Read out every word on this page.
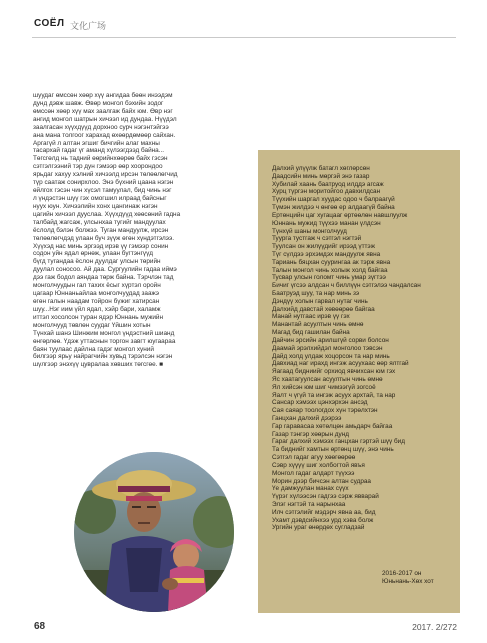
СОЁЛ 文化广场
шуудаг өмссөн хөөр хүү ангидаа бөөн инээдэм
дунд дэвж шавж. Өвөр монгол бэхийн зодог
өмссөн хөөр хүү мах заалгаж байх юм. Өвр нэг
ангид монгол шатрын хичээл ид дундаа. Нүүдэл
заалгасан хүүхдүүд дорхноо сурч нэгэнтэйгээ
ана мана толгоог харахад өхөөрдөмөөр сайхан.
Аргагүй л алтан эгшиг бичгийн алаг махны
тасархай гадаг үг аманд хүлээгдээд байна...
Төгсгөлд нь тадний өөрийнхөөрөө байх гэсэн
сэтгэлгээний тэр дун гэмээр өөр хоорондоо
ярьдаг хахуу хэлний хичээлд ирсэн төлөөлөгчид
түр саатаж сонирхлоо. Энэ бүхний цаана нэгэн
өйлгох гэсэн чин хүсэл тамуулал, бид чинь нэг
л үндэстэн шүү гэх омогшил илраад байсныг
нуух юун. Хичээлийн хонх цангинаж нэгэн
цагийн хичээл дууслаа. Хүүхдүүд хөөсөний гадна
талбайд жагсаж, улсынхаа тугийг мандуулах
ёслолд бэлэн болжээ. Туган мандуулж, ирсэн
төлөөлөгчдэд улаан буч зүүж өгөн хүндэтгэлээ.
Хүүхэд нас минь эргээд ирэв үү гэмээр сонин
содон уйн ядал өрнөж, улаан бугтэнгүүд
бүгд тугандаа ёслон дуулдаг улсын төрийн
дуулал соносоо. Ай даа. Сургуулийн гадаа иймэ
дээ гаж бодол аяндаа төрж байна. Тэрчлэн тад
монголчуудын гал тахих ёсыг хүртэл оройн
цагаар Юннаньайлаа монголчуудад заажэ
өгөн галын наадам тойрон бүжиг хатирсан
шуу...Нэг иим үйл ядал, хэйр бари, халамж
иттэл хосолсон туран ядэр Юннань мужийн
монголчууд төвлөн суудаг Үйшин хотын
Түнхай шанэ Шинжим монгол үндэстний шианд
өнгөрлөө. Үдэж уттаснын торгон завгт юугаараа
баян туулаас дайлна гадэг монгол хуний
билгээр ярьу найрагчийн хувьд тэрэлсэн нэгэн
шүлгээр энэхүү цувралаа хөвших төгсгөе. ■
Далхий улүүлж батагл хөглөрсөн
Даадсийн минь мөргэй энэ газар
Хубилай хаань баатруод илддэ агсаж
Хурц түргэн моритойгоо давхилдсан
Түүхийн шаргал хуудас одоо ч балраагүй
Түмэн жилдээ ч өнгөө ер алдаагүй байна
Ертөнцийн цаг хугацааг өртөөлөн навшлуулж
Юннань мужид түүхээ манан үлдсэн
Түнхүй шаны монголчууд
Туурга тустгаж ч сэтгэл нэгтэй
Туулсан он жилүүдийг ирээд үттэж
Түг сүлдээ эрхэмдэх мандуулж явна
Тариань бяцхан суурингаа ак тэрж явна
Талын монгол чинь холыж холд байгаа
Тусвар улсын голомт чинь умар зүгтээ
Бичиг үгсээ алдсан ч биллүүн сэтгэлээ чандалсан
Баатруэд шуу, та нар минь зэ
Дэндүү холын гарвал нутаг чинь
Далхийд давстай хөвөөрөө байгаа
Манай нутгаас ирэв үү гэх
Манантай асуултын чинь өмнө
Магад бид гашилан байна
Дайчин эрсийн арилшгүй сорви болсон
Даамай эрэлхийдэл монголоо тэвсэн
Дайд холд улдаж хоцорсон та нар минь
Давхиад наг ирахд ингэж асуухаас өөр ялтгай
Яагаад бидниийг орхиод явчихсан юм гэх
Яс хаатагуулсан асуултын чинь өмнө
Ял хийсэн юм шиг чимээгүй зогсоё
Яалт ч үгүй та ингэж асуух архтай, та нар
Сансар хэмээх цэнхэрхэн ансэд
Сая саяар тоологдох хүн тэрөлхтэн
Ганцхан далхий дээрээ
Гар гаравасаа хөтөлцөн амьдарч байгаа
Газар тэнгэр хөөрын дунд
Гараг далхий хэмээх ганцхан гэртэй шүү бид
Та биднийг хамтын өртөнц шүү, энэ чинь
Сэтгэл гадаг агуу хөөгөөрөө
Сэвр хүүүү шиг холбогтой явъя
Монгол гадаг алдарт түүхээ
Морин дээр бичсэн алтан судраа
Үе дамжуулан манах сүүх
Үүрэг хүлээсэн гадгээ сэрж явварай
Элэг нэгтэй та нарынхаа
Илч сэтгэлийг мэдэрч явна аа, бид
Ухамт дэвдсийнхээ урд хэва болж
Ургийн ураг өнөрдөх сугладзай
2016-2017 он
Юньнань-Хөх хот
68	2017. 2/272
